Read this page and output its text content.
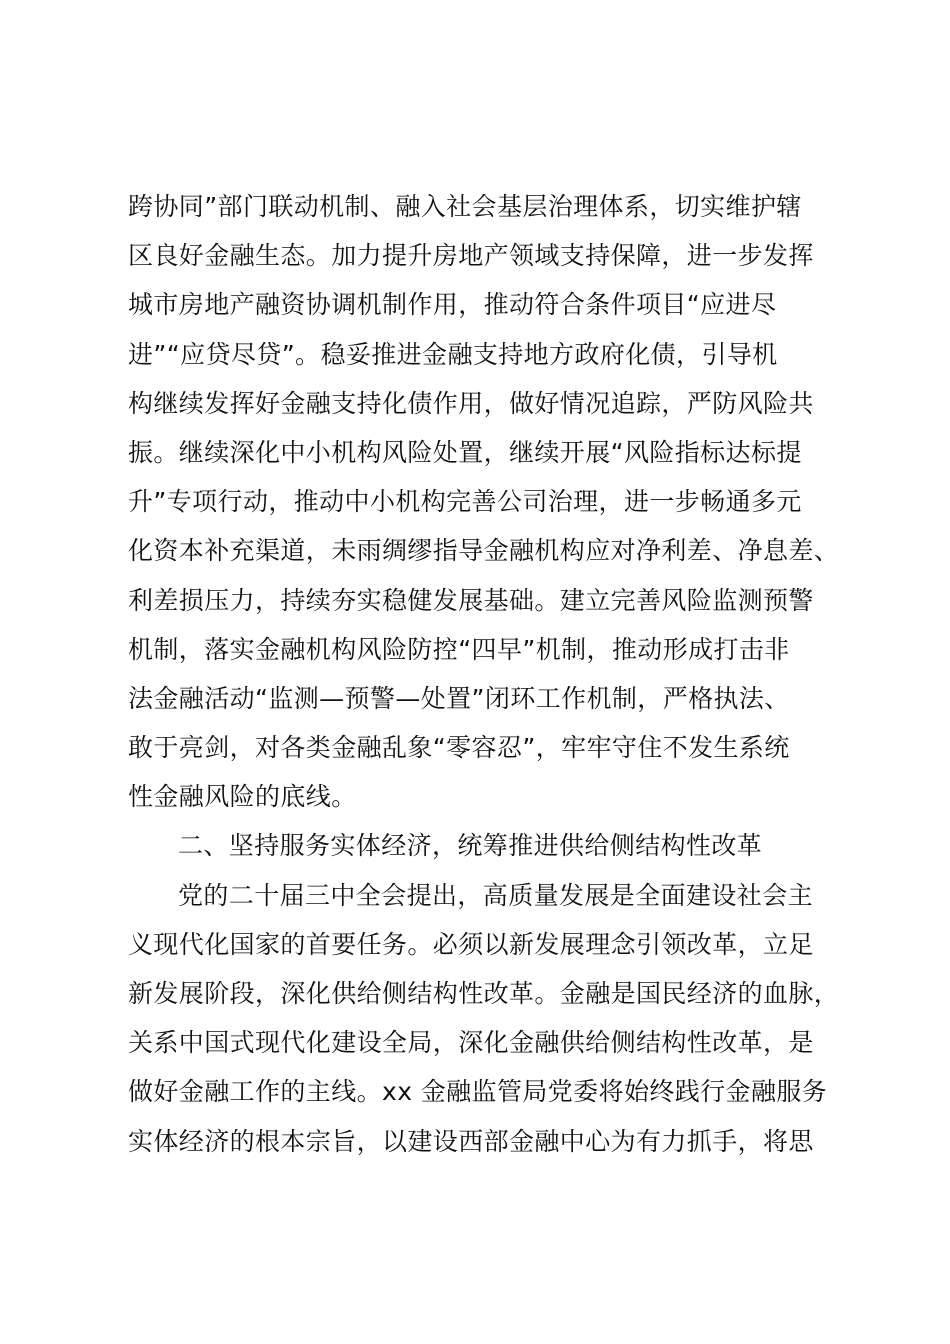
跨协同”部门联动机制、融入社会基层治理体系，切实维护辖
区良好金融生态。加力提升房地产领域支持保障，进一步发挥
城市房地产融资协调机制作用，推动符合条件项目“应进尽
进”“应贷尽贷”。稳妥推进金融支持地方政府化债，引导机
构继续发挥好金融支持化债作用，做好情况追踪，严防风险共
振。继续深化中小机构风险处置，继续开展“风险指标达标提
升”专项行动，推动中小机构完善公司治理，进一步畅通多元
化资本补充渠道，未雨绸缪指导金融机构应对净利差、净息差、
利差损压力，持续夯实稳健发展基础。建立完善风险监测预警
机制，落实金融机构风险防控“四早”机制，推动形成打击非
法金融活动“监测—预警—处置”闭环工作机制，严格执法、
敢于亮剑，对各类金融乱象“零容忍”，牢牢守住不发生系统
性金融风险的底线。
二、坚持服务实体经济，统筹推进供给侧结构性改革
党的二十届三中全会提出，高质量发展是全面建设社会主
义现代化国家的首要任务。必须以新发展理念引领改革，立足
新发展阶段，深化供给侧结构性改革。金融是国民经济的血脉，
关系中国式现代化建设全局，深化金融供给侧结构性改革，是
做好金融工作的主线。xx 金融监管局党委将始终践行金融服务
实体经济的根本宗旨，以建设西部金融中心为有力抓手，将思
